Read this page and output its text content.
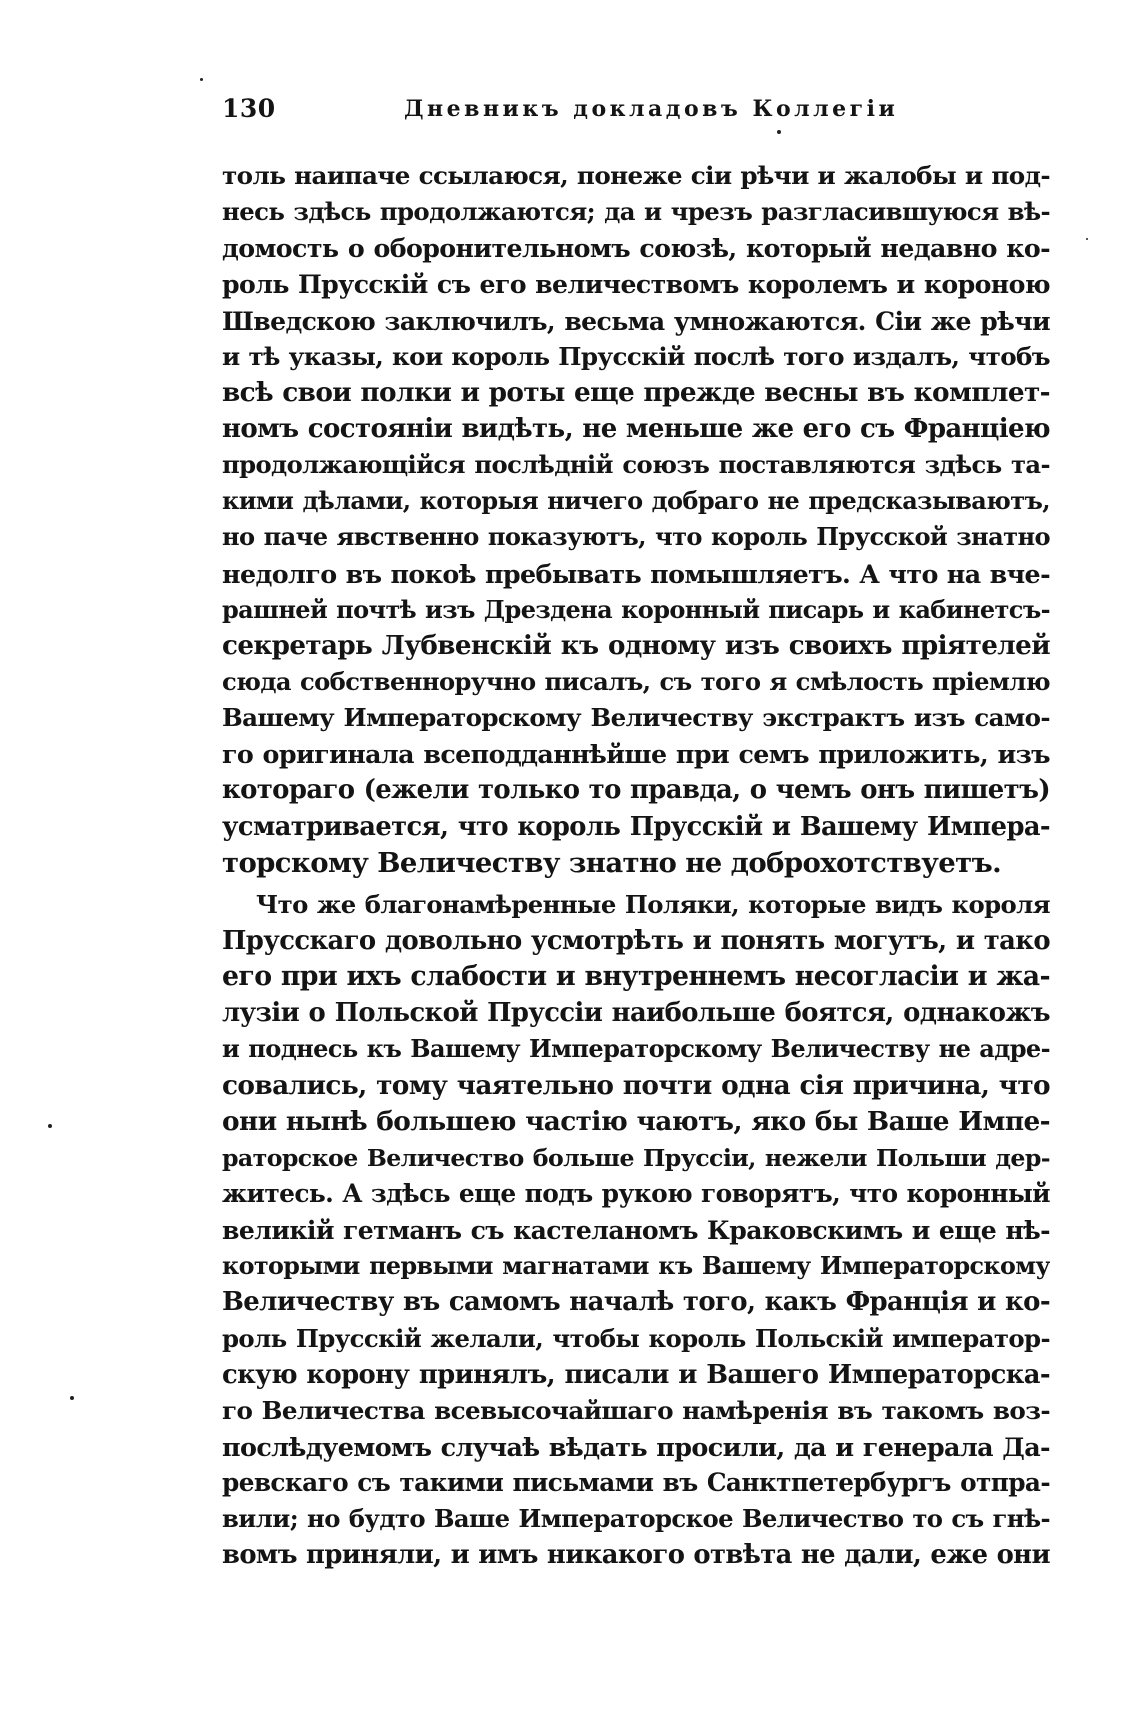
130	Дневникъ докладовъ Коллегіи
толь наипаче ссылаюся, понеже сіи рѣчи и жалобы и под-
несь здѣсь продолжаются; да и чрезъ разгласившуюся вѣ-
домость о оборонительномъ союзѣ, который недавно ко-
роль Прусскій съ его величествомъ королемъ и короною
Шведскою заключилъ, весьма умножаются. Сіи же рѣчи
и тѣ указы, кои король Прусскій послѣ того издалъ, чтобъ
всѣ свои полки и роты еще прежде весны въ комплет-
номъ состояніи видѣть, не меньше же его съ Франціею
продолжающійся послѣдній союзъ поставляются здѣсь та-
кими дѣлами, которыя ничего добраго не предсказываютъ,
но паче явственно показуютъ, что король Прусской знатно
недолго въ покоѣ пребывать помышляетъ. А что на вче-
рашней почтѣ изъ Дрездена коронный писарь и кабинетсъ-
секретарь Лубвенскій къ одному изъ своихъ пріятелей
сюда собственноручно писалъ, съ того я смѣлость пріемлю
Вашему Императорскому Величеству экстрактъ изъ само-
го оригинала всеподданнѣйше при семъ приложить, изъ
котораго (ежели только то правда, о чемъ онъ пишетъ)
усматривается, что король Прусскій и Вашему Импера-
торскому Величеству знатно не доброхотствуетъ.
Что же благонамѣренные Поляки, которые видъ короля
Прусскаго довольно усмотрѣть и понять могутъ, и тако
его при ихъ слабости и внутреннемъ несогласіи и жа-
лузіи о Польской Пруссіи наибольше боятся, однакожъ
и поднесь къ Вашему Императорскому Величеству не адре-
совались, тому чаятельно почти одна сія причина, что
они нынѣ большею частію чаютъ, яко бы Ваше Импе-
раторское Величество больше Пруссіи, нежели Польши дер-
житесь. А здѣсь еще подъ рукою говорятъ, что коронный
великій гетманъ съ кастеланомъ Краковскимъ и еще нѣ-
которыми первыми магнатами къ Вашему Императорскому
Величеству въ самомъ началѣ того, какъ Франція и ко-
роль Прусскій желали, чтобы король Польскій император-
скую корону принялъ, писали и Вашего Императорска-
го Величества всевысочайшаго намѣренія въ такомъ воз-
послѣдуемомъ случаѣ вѣдать просили, да и генерала Да-
ревскаго съ такими письмами въ Санктпетербургъ отпра-
вили; но будто Ваше Императорское Величество то съ гнѣ-
вомъ приняли, и имъ никакого отвѣта не дали, еже они
